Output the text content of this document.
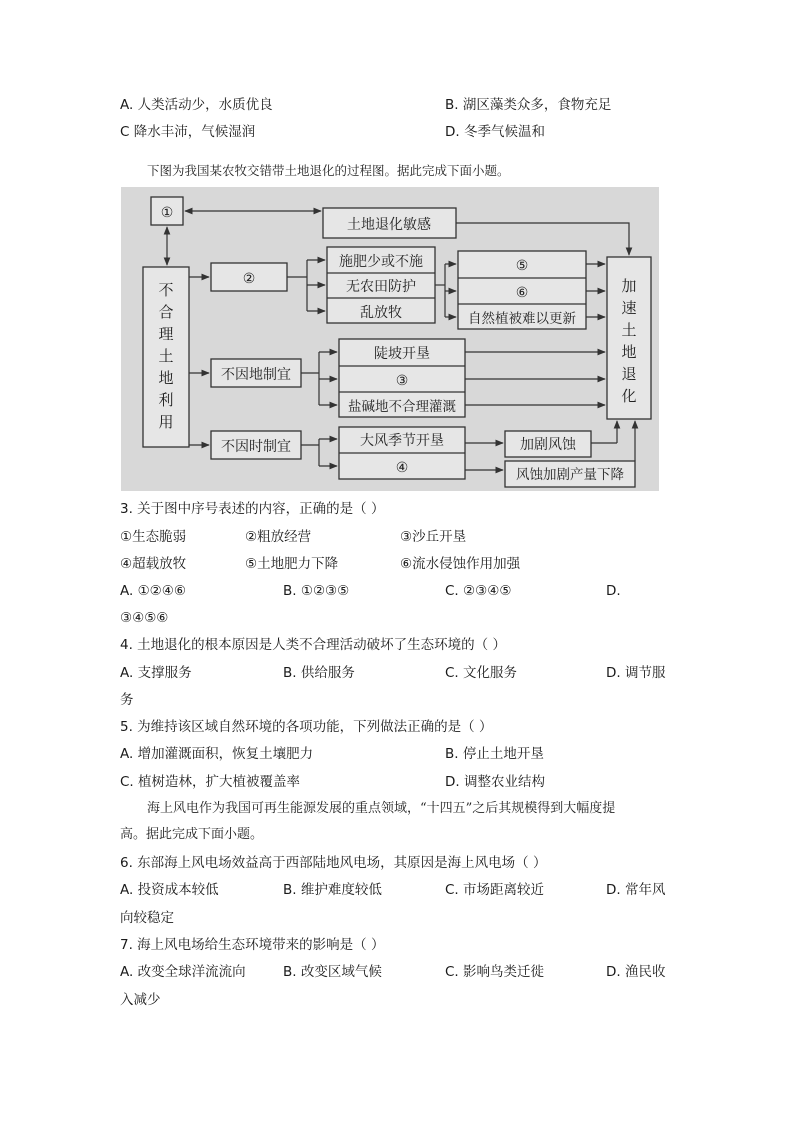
A. 人类活动少，水质优良	B. 湖区藻类众多，食物充足
C 降水丰沛，气候湿润	D. 冬季气候温和
下图为我国某农牧交错带土地退化的过程图。据此完成下面小题。
①
土地退化敏感
②
施肥少或不施
无农田防护
乱放牧
⑤
⑥
自然植被难以更新
不因地制宜
陡坡开垦
③
盐碱地不合理灌溉
不因时制宜	大风季节开垦
④
加剧风蚀
风蚀加剧产量下降
不合理土地利用
加速土地退化
3. 关于图中序号表述的内容，正确的是（ ）
①生态脆弱	②粗放经营	③沙丘开垦
④超载放牧	⑤土地肥力下降	⑥流水侵蚀作用加强
A. ①②④⑥	B. ①②③⑤	C. ②③④⑤	D.
③④⑤⑥
4. 土地退化的根本原因是人类不合理活动破坏了生态环境的（ ）
A. 支撑服务	B. 供给服务	C. 文化服务	D. 调节服
务
5. 为维持该区域自然环境的各项功能，下列做法正确的是（ ）
A. 增加灌溉面积，恢复土壤肥力	B. 停止土地开垦
C. 植树造林，扩大植被覆盖率	D. 调整农业结构
海上风电作为我国可再生能源发展的重点领域，“十四五”之后其规模得到大幅度提
高。据此完成下面小题。
6. 东部海上风电场效益高于西部陆地风电场，其原因是海上风电场（ ）
A. 投资成本较低	B. 维护难度较低	C. 市场距离较近	D. 常年风
向较稳定
7. 海上风电场给生态环境带来的影响是（ ）
A. 改变全球洋流流向	B. 改变区域气候	C. 影响鸟类迁徙	D. 渔民收
入减少
